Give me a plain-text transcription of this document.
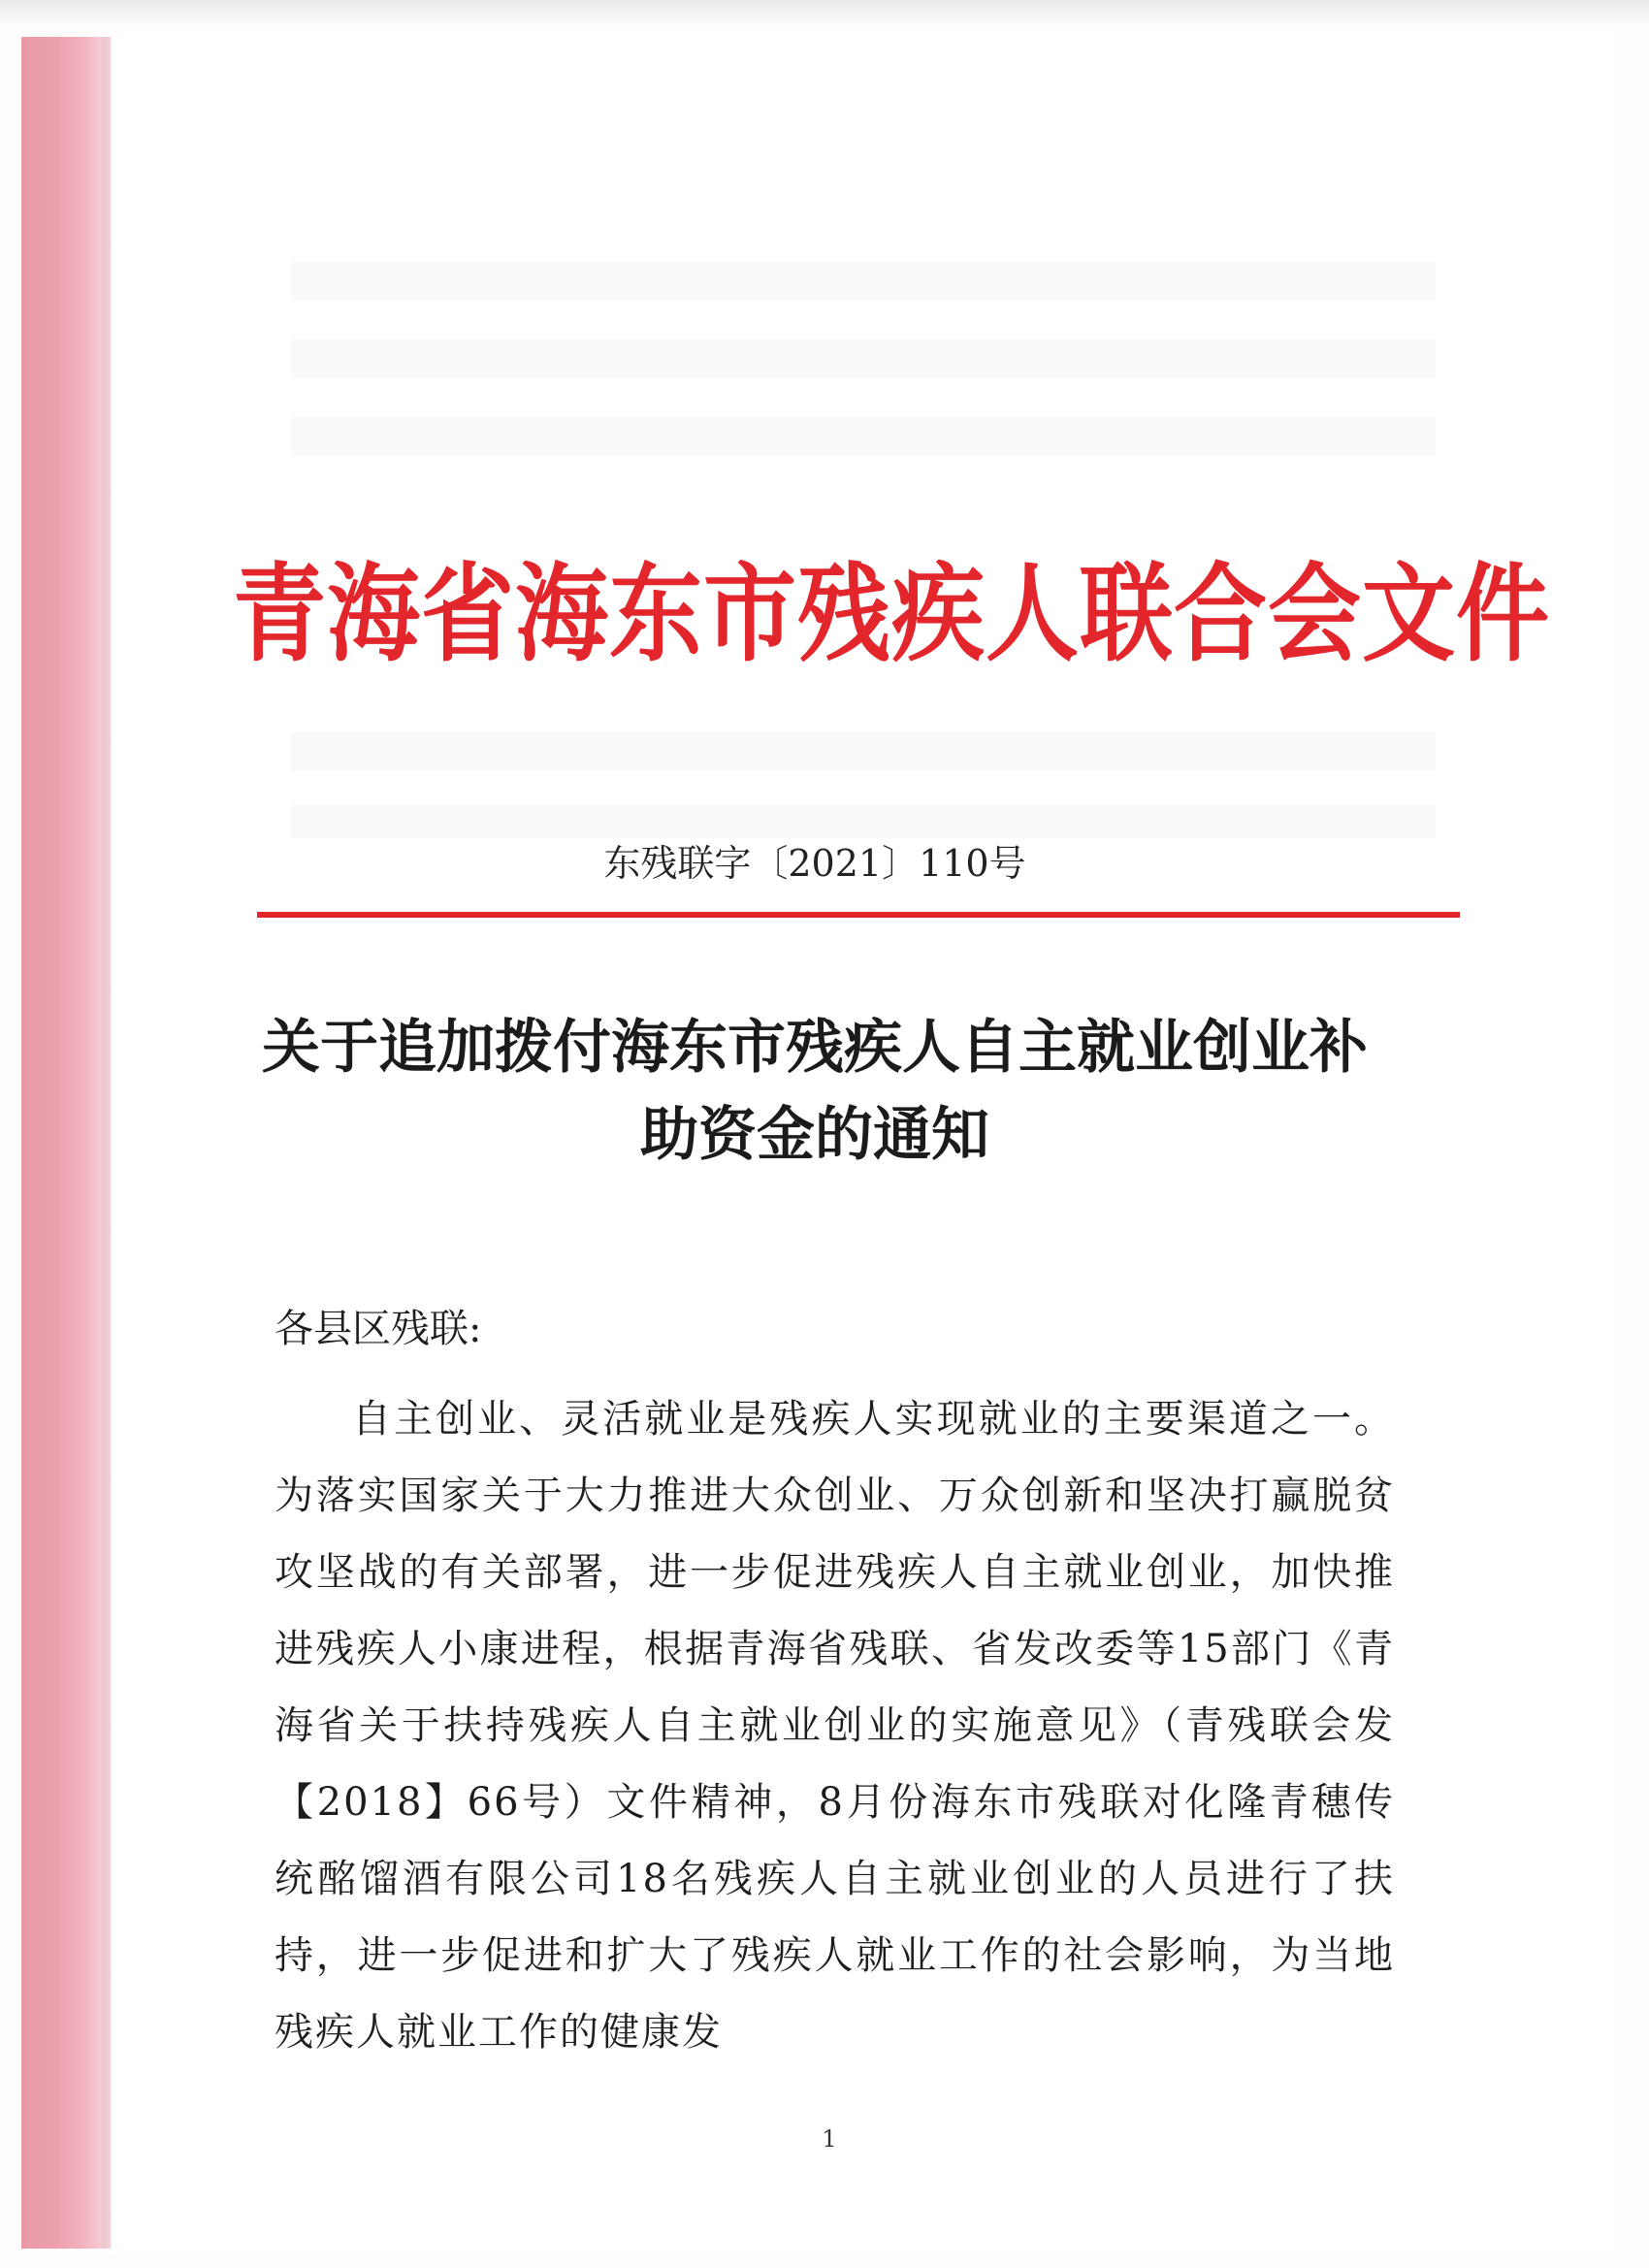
青海省海东市残疾人联合会文件

东残联字〔2021〕110号

关于追加拨付海东市残疾人自主就业创业补助资金的通知

各县区残联:

自主创业、灵活就业是残疾人实现就业的主要渠道之一。为落实国家关于大力推进大众创业、万众创新和坚决打赢脱贫攻坚战的有关部署，进一步促进残疾人自主就业创业，加快推进残疾人小康进程，根据青海省残联、省发改委等15部门《青海省关于扶持残疾人自主就业创业的实施意见》（青残联会发【2018】66号）文件精神，8月份海东市残联对化隆青穗传统酩馏酒有限公司18名残疾人自主就业创业的人员进行了扶持，进一步促进和扩大了残疾人就业工作的社会影响，为当地残疾人就业工作的健康发

1
